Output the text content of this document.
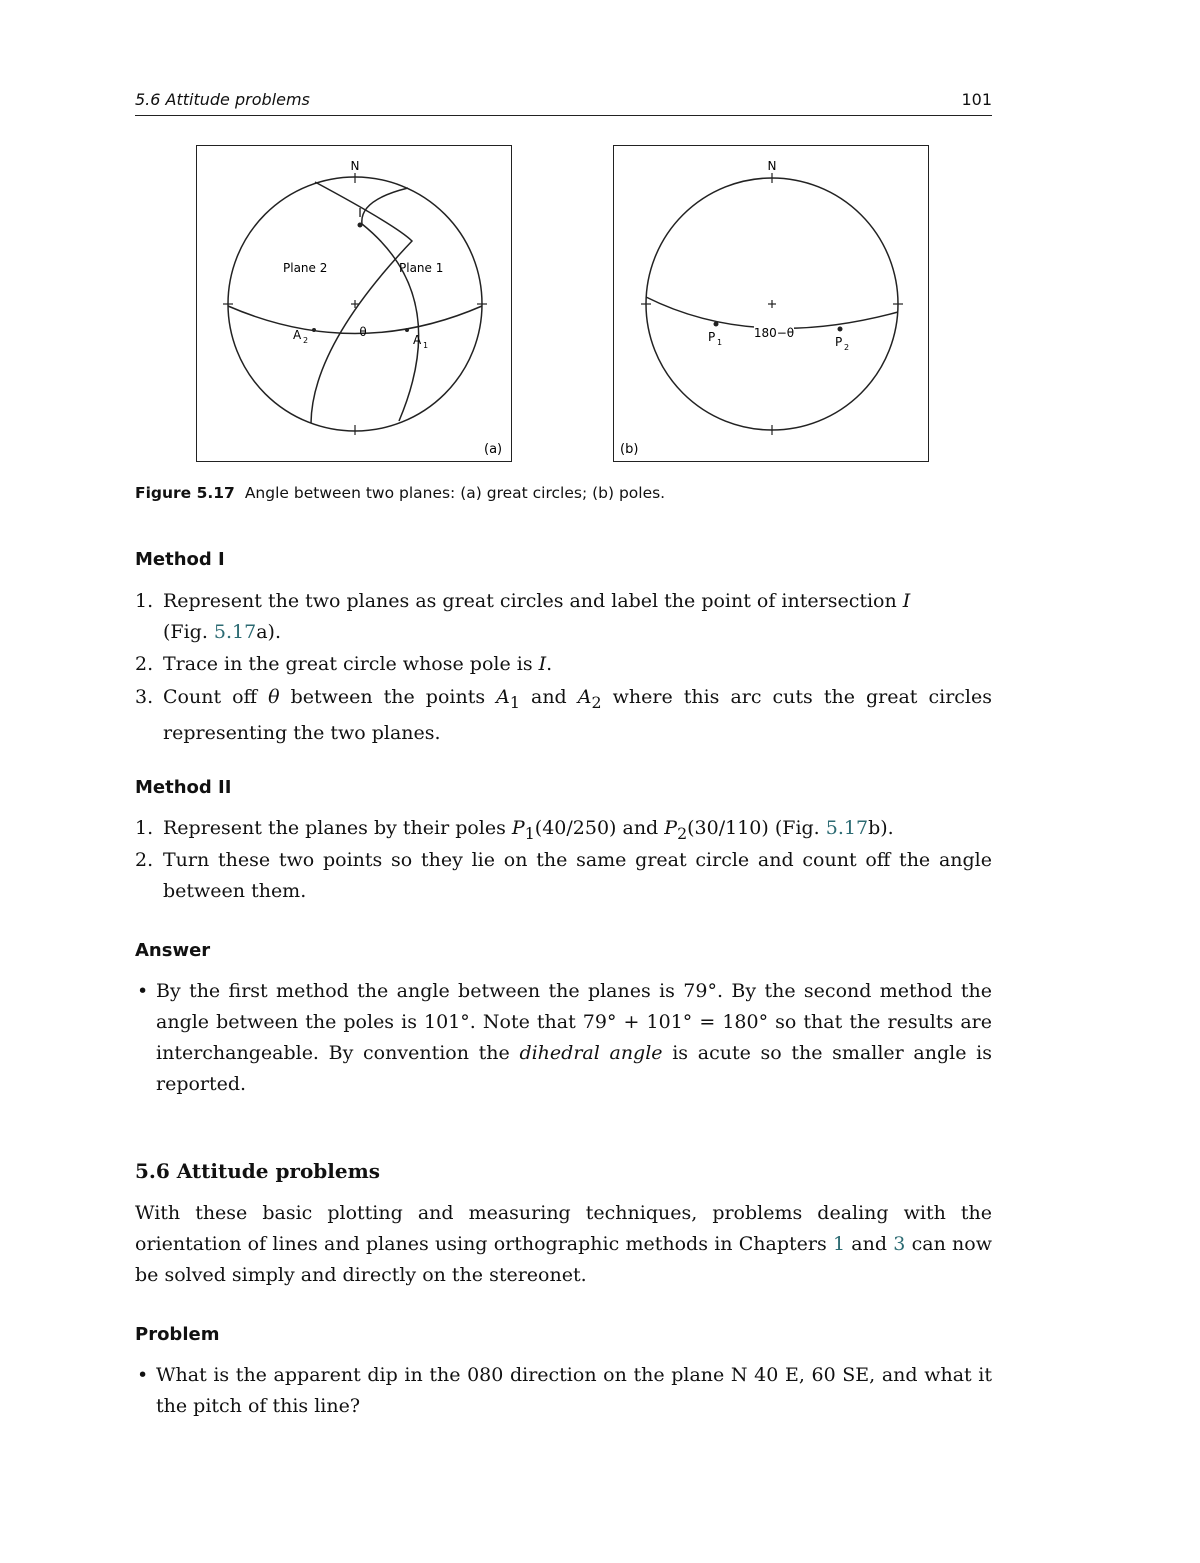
5.6 Attitude problems	101
N
I
Plane 2	Plane 1
A 2	A 1
θ
(a)
N
P 1
180−θ
P 2
(b)
Figure 5.17 Angle between two planes: (a) great circles; (b) poles.
Method I
1. Represent the two planes as great circles and label the point of intersection I
(Fig. 5.17a).
2. Trace in the great circle whose pole is I.
3. Count off θ between the points $A_1$ and $A_2$ where this arc cuts the great circles representing the two planes.
Method II
1. Represent the planes by their poles $P_1(40/250)$ and $P_2(30/110)$ (Fig. 5.17b).
2. Turn these two points so they lie on the same great circle and count off the angle between them.
Answer
• By the first method the angle between the planes is 79°. By the second method the angle between the poles is 101°. Note that 79° + 101° = 180° so that the results are interchangeable. By convention the dihedral angle is acute so the smaller angle is reported.
5.6 Attitude problems
With these basic plotting and measuring techniques, problems dealing with the orientation of lines and planes using orthographic methods in Chapters 1 and 3 can now be solved simply and directly on the stereonet.
Problem
• What is the apparent dip in the 080 direction on the plane N 40 E, 60 SE, and what it the pitch of this line?
